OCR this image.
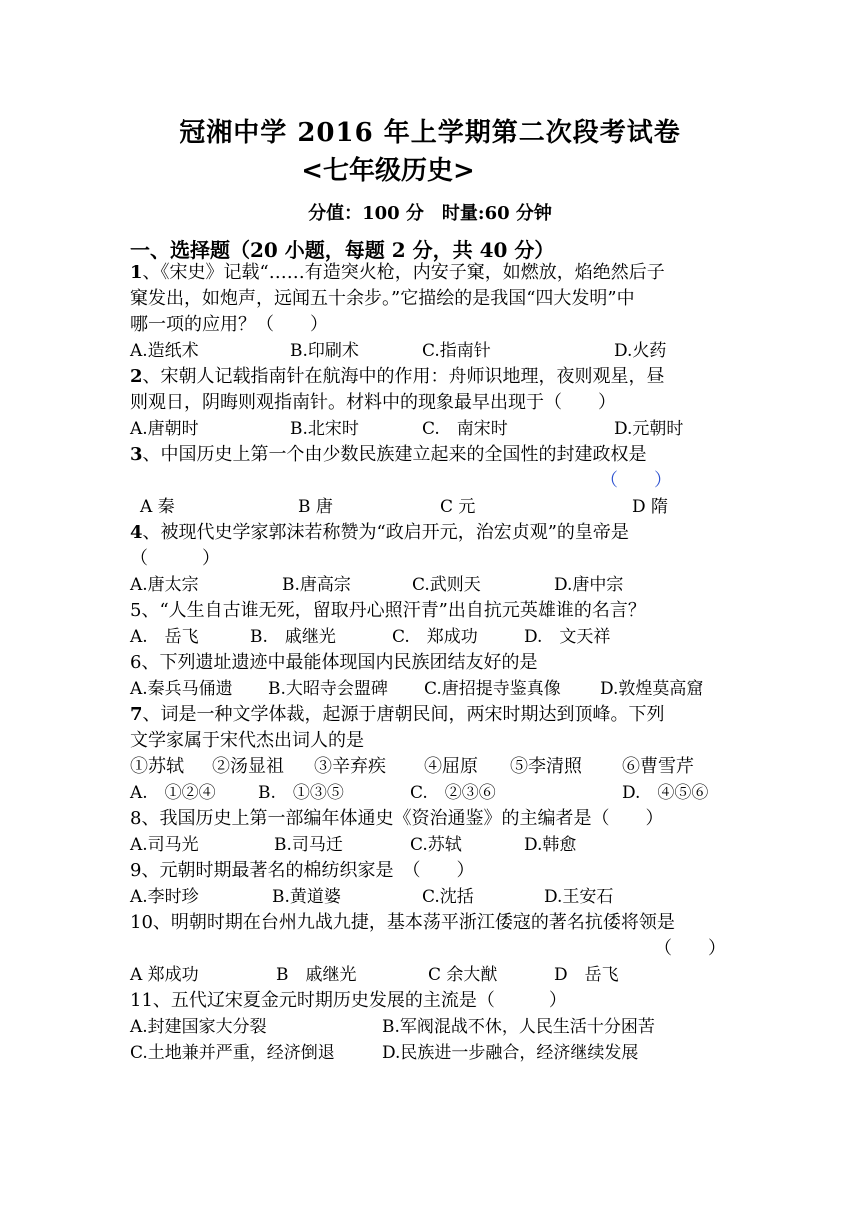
冠湘中学 2016 年上学期第二次段考试卷
<七年级历史>
分值：100 分　时量:60 分钟
一、选择题（20 小题，每题 2 分，共 40 分）
1、《宋史》记载“……有造突火枪，内安子窠，如燃放，焰绝然后子
窠发出，如炮声，远闻五十余步。”它描绘的是我国“四大发明”中
哪一项的应用？（　　）
A.造纸术	B.印刷术	C.指南针	D.火药
2、宋朝人记载指南针在航海中的作用：舟师识地理，夜则观星，昼
则观日，阴晦则观指南针。材料中的现象最早出现于（　　）
A.唐朝时	B.北宋时	C.　南宋时	D.元朝时
3、中国历史上第一个由少数民族建立起来的全国性的封建政权是
（　　）
A 秦	B 唐	C 元	D 隋
4、被现代史学家郭沫若称赞为“政启开元，治宏贞观”的皇帝是
（　　　）
A.唐太宗	B.唐高宗	C.武则天	D.唐中宗
5、“人生自古谁无死，留取丹心照汗青”出自抗元英雄谁的名言？
A.　岳飞	B.　戚继光	C.　郑成功	D.　文天祥
6、下列遗址遗迹中最能体现国内民族团结友好的是
A.秦兵马俑遗 B.大昭寺会盟碑 C.唐招提寺鉴真像 D.敦煌莫高窟
7、词是一种文学体裁，起源于唐朝民间，两宋时期达到顶峰。下列
文学家属于宋代杰出词人的是
①苏轼 ②汤显祖 ③辛弃疾 ④屈原 ⑤李清照 ⑥曹雪芹
A.　①②④ B.　①③⑤	C.　②③⑥	D.　④⑤⑥
8、我国历史上第一部编年体通史《资治通鉴》的主编者是（　　）
A.司马光	B.司马迁	C.苏轼	D.韩愈
9、元朝时期最著名的棉纺织家是　（　　）
A.李时珍	B.黄道婆	C.沈括	D.王安石
10、明朝时期在台州九战九捷，基本荡平浙江倭寇的著名抗倭将领是
（　　）
A 郑成功	B　戚继光	C 余大猷	D　岳飞
11、五代辽宋夏金元时期历史发展的主流是（　　　）
A.封建国家大分裂	B.军阀混战不休，人民生活十分困苦
C.土地兼并严重，经济倒退	D.民族进一步融合，经济继续发展
